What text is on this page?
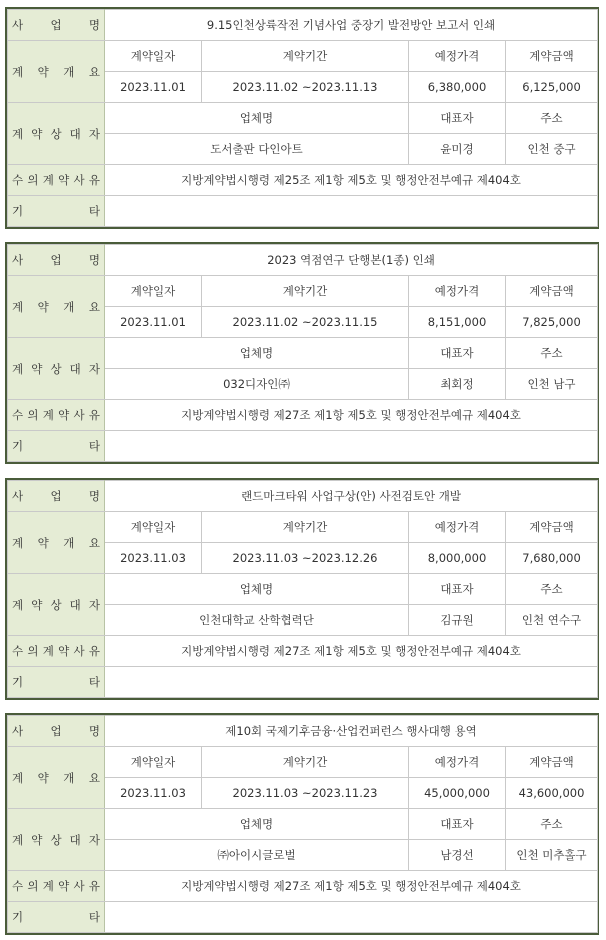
사 업 명	9.15인천상륙작전 기념사업 중장기 발전방안 보고서 인쇄			
계 약 개 요	계약일자	계약기간	예정가격	계약금액
	2023.11.01	2023.11.02 ~2023.11.13	6,380,000	6,125,000
계 약 상 대 자	업체명		대표자	주소
	도서출판 다인아트		윤미경	인천 중구
수 의 계 약 사 유	지방계약법시행령 제25조 제1항 제5호 및 행정안전부예규 제404호			
기 타				
사 업 명	2023 역점연구 단행본(1종) 인쇄			
계 약 개 요	계약일자	계약기간	예정가격	계약금액
	2023.11.01	2023.11.02 ~2023.11.15	8,151,000	7,825,000
계 약 상 대 자	업체명		대표자	주소
	032디자인㈜		최회정	인천 남구
수 의 계 약 사 유	지방계약법시행령 제27조 제1항 제5호 및 행정안전부예규 제404호			
기 타				
사 업 명	랜드마크타워 사업구상(안) 사전검토안 개발			
계 약 개 요	계약일자	계약기간	예정가격	계약금액
	2023.11.03	2023.11.03 ~2023.12.26	8,000,000	7,680,000
계 약 상 대 자	업체명		대표자	주소
	인천대학교 산학협력단		김규원	인천 연수구
수 의 계 약 사 유	지방계약법시행령 제27조 제1항 제5호 및 행정안전부예규 제404호			
기 타				
사 업 명	제10회 국제기후금융·산업컨퍼런스 행사대행 용역			
계 약 개 요	계약일자	계약기간	예정가격	계약금액
	2023.11.03	2023.11.03 ~2023.11.23	45,000,000	43,600,000
계 약 상 대 자	업체명		대표자	주소
	㈜아이시글로벌		남경선	인천 미추홀구
수 의 계 약 사 유	지방계약법시행령 제27조 제1항 제5호 및 행정안전부예규 제404호			
기 타				
